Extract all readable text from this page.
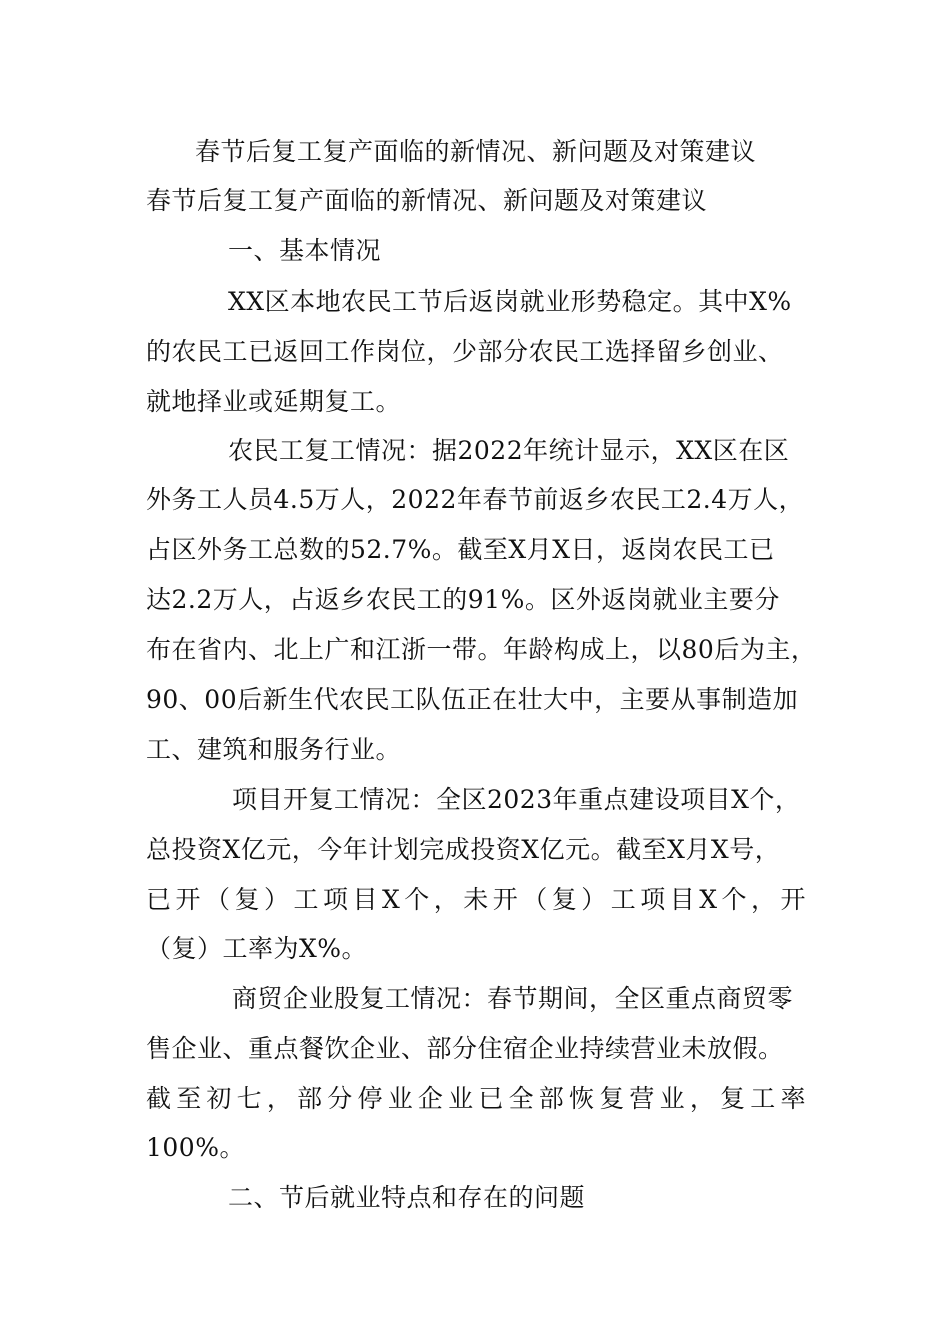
春节后复工复产面临的新情况、新问题及对策建议
春节后复工复产面临的新情况、新问题及对策建议
一、基本情况
XX区本地农民工节后返岗就业形势稳定。其中X%
的农民工已返回工作岗位，少部分农民工选择留乡创业、
就地择业或延期复工。
农民工复工情况：据2022年统计显示，XX区在区
外务工人员4.5万人，2022年春节前返乡农民工2.4万人，
占区外务工总数的52.7%。截至X月X日，返岗农民工已
达2.2万人，占返乡农民工的91%。区外返岗就业主要分
布在省内、北上广和江浙一带。年龄构成上，以80后为主，
90、00后新生代农民工队伍正在壮大中，主要从事制造加
工、建筑和服务行业。
项目开复工情况：全区2023年重点建设项目X个，
总投资X亿元，今年计划完成投资X亿元。截至X月X号，
已开（复）工项目X个，未开（复）工项目X个，开
（复）工率为X%。
商贸企业股复工情况：春节期间，全区重点商贸零
售企业、重点餐饮企业、部分住宿企业持续营业未放假。
截至初七，部分停业企业已全部恢复营业，复工率
100%。
二、节后就业特点和存在的问题
